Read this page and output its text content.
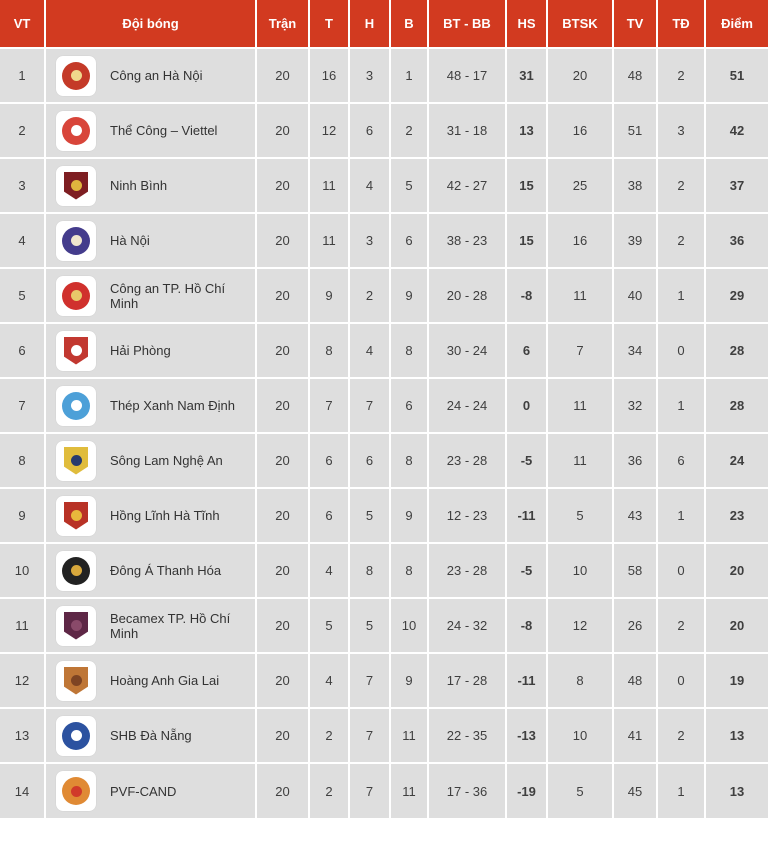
VT	Đội bóng	Trận	T	H	B	BT - BB	HS	BTSK	TV	TĐ	Điểm
1	Công an Hà Nội	20	16	3	1	48 - 17	31	20	48	2	51
2	Thể Công – Viettel	20	12	6	2	31 - 18	13	16	51	3	42
3	Ninh Bình	20	11	4	5	42 - 27	15	25	38	2	37
4	Hà Nội	20	11	3	6	38 - 23	15	16	39	2	36
5	Công an TP. Hồ Chí Minh	20	9	2	9	20 - 28	-8	11	40	1	29
6	Hải Phòng	20	8	4	8	30 - 24	6	7	34	0	28
7	Thép Xanh Nam Định	20	7	7	6	24 - 24	0	11	32	1	28
8	Sông Lam Nghệ An	20	6	6	8	23 - 28	-5	11	36	6	24
9	Hồng Lĩnh Hà Tĩnh	20	6	5	9	12 - 23	-11	5	43	1	23
10	Đông Á Thanh Hóa	20	4	8	8	23 - 28	-5	10	58	0	20
11	Becamex TP. Hồ Chí Minh	20	5	5	10	24 - 32	-8	12	26	2	20
12	Hoàng Anh Gia Lai	20	4	7	9	17 - 28	-11	8	48	0	19
13	SHB Đà Nẵng	20	2	7	11	22 - 35	-13	10	41	2	13
14	PVF-CAND	20	2	7	11	17 - 36	-19	5	45	1	13
